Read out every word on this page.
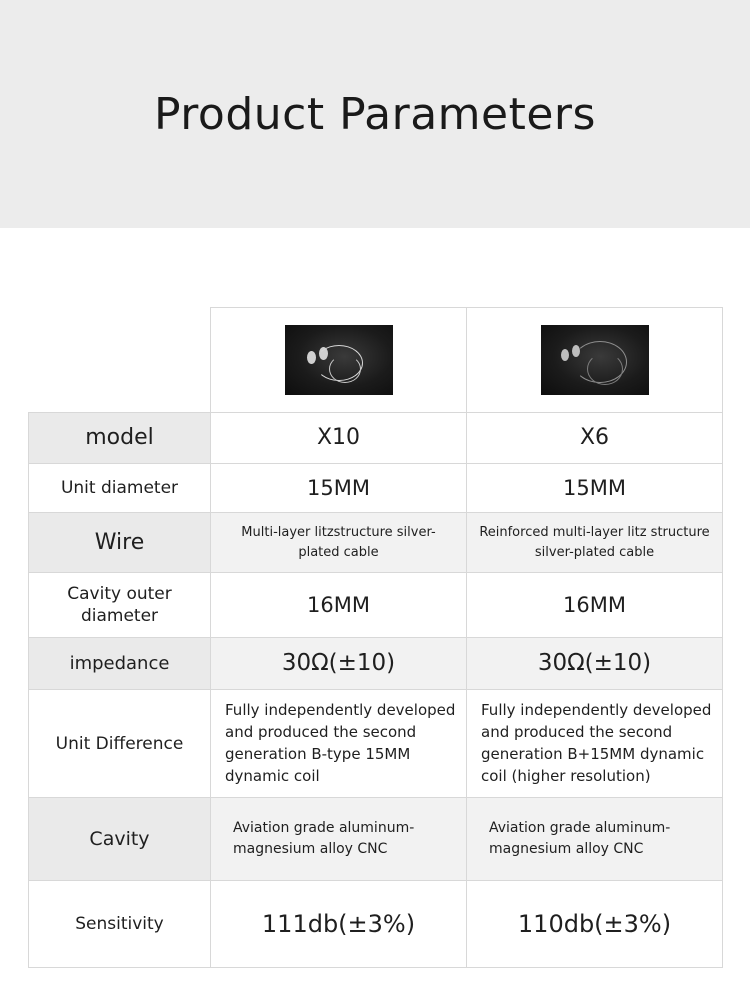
Product Parameters

model	X10	X6
Unit diameter	15MM	15MM
Wire	Multi-layer litzstructure silver-plated cable	Reinforced multi-layer litz structure silver-plated cable
Cavity outer diameter	16MM	16MM
impedance	30Ω(±10)	30Ω(±10)
Unit Difference	Fully independently developed and produced the second generation B-type 15MM dynamic coil	Fully independently developed and produced the second generation B+15MM dynamic coil (higher resolution)
Cavity	Aviation grade aluminum-magnesium alloy CNC	Aviation grade aluminum-magnesium alloy CNC
Sensitivity	111db(±3%)	110db(±3%)
